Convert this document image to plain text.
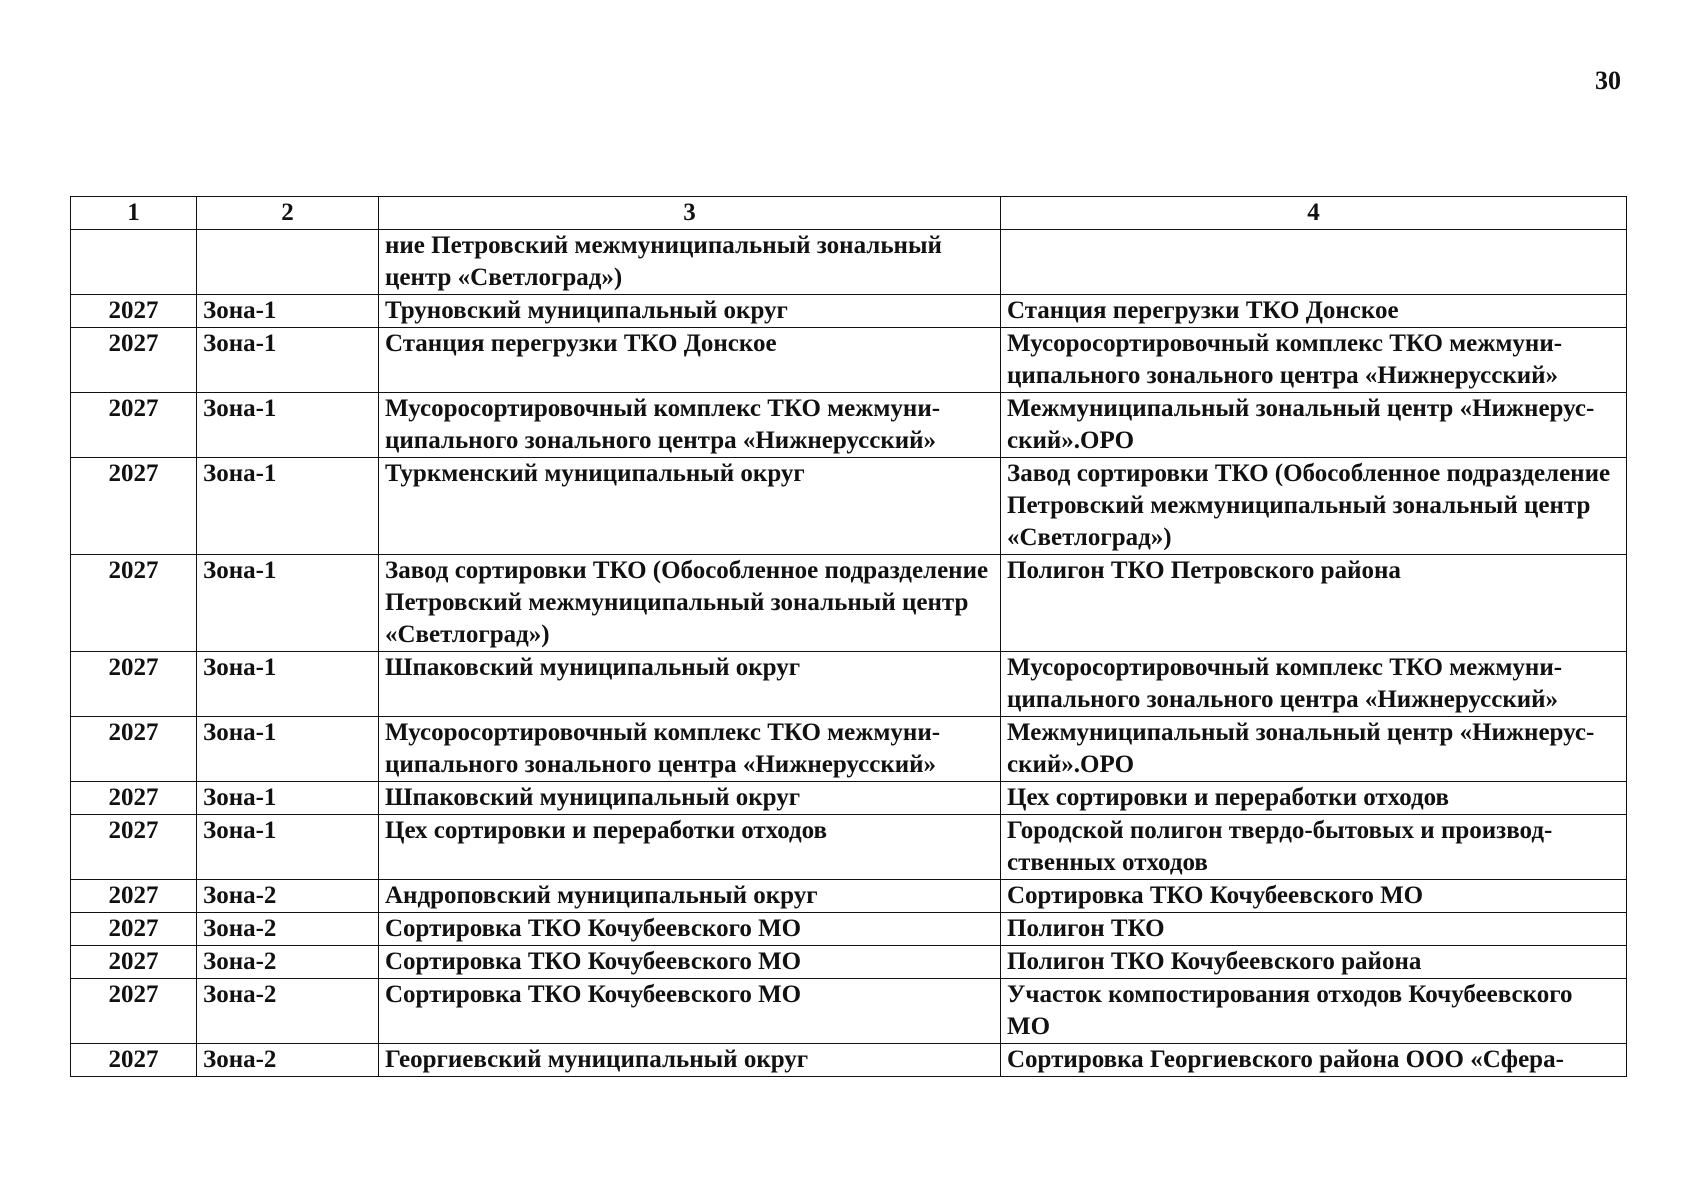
30
1	2	3	4
		ние Петровский межмуниципальный зональный центр «Светлоград»)	
2027	Зона-1	Труновский муниципальный округ	Станция перегрузки ТКО Донское
2027	Зона-1	Станция перегрузки ТКО Донское	Мусоросортировочный комплекс ТКО межмуниципального зонального центра «Нижнерусский»
2027	Зона-1	Мусоросортировочный комплекс ТКО межмуниципального зонального центра «Нижнерусский»	Межмуниципальный зональный центр «Нижнерусский».ОРО
2027	Зона-1	Туркменский муниципальный округ	Завод сортировки ТКО (Обособленное подразделение Петровский межмуниципальный зональный центр «Светлоград»)
2027	Зона-1	Завод сортировки ТКО (Обособленное подразделение Петровский межмуниципальный зональный центр «Светлоград»)	Полигон ТКО Петровского района
2027	Зона-1	Шпаковский муниципальный округ	Мусоросортировочный комплекс ТКО межмуниципального зонального центра «Нижнерусский»
2027	Зона-1	Мусоросортировочный комплекс ТКО межмуниципального зонального центра «Нижнерусский»	Межмуниципальный зональный центр «Нижнерусский».ОРО
2027	Зона-1	Шпаковский муниципальный округ	Цех сортировки и переработки отходов
2027	Зона-1	Цех сортировки и переработки отходов	Городской полигон твердо-бытовых и производственных отходов
2027	Зона-2	Андроповский муниципальный округ	Сортировка ТКО Кочубеевского МО
2027	Зона-2	Сортировка ТКО Кочубеевского МО	Полигон ТКО
2027	Зона-2	Сортировка ТКО Кочубеевского МО	Полигон ТКО Кочубеевского района
2027	Зона-2	Сортировка ТКО Кочубеевского МО	Участок компостирования отходов Кочубеевского МО
2027	Зона-2	Георгиевский муниципальный округ	Сортировка Георгиевского района ООО «Сфера-
